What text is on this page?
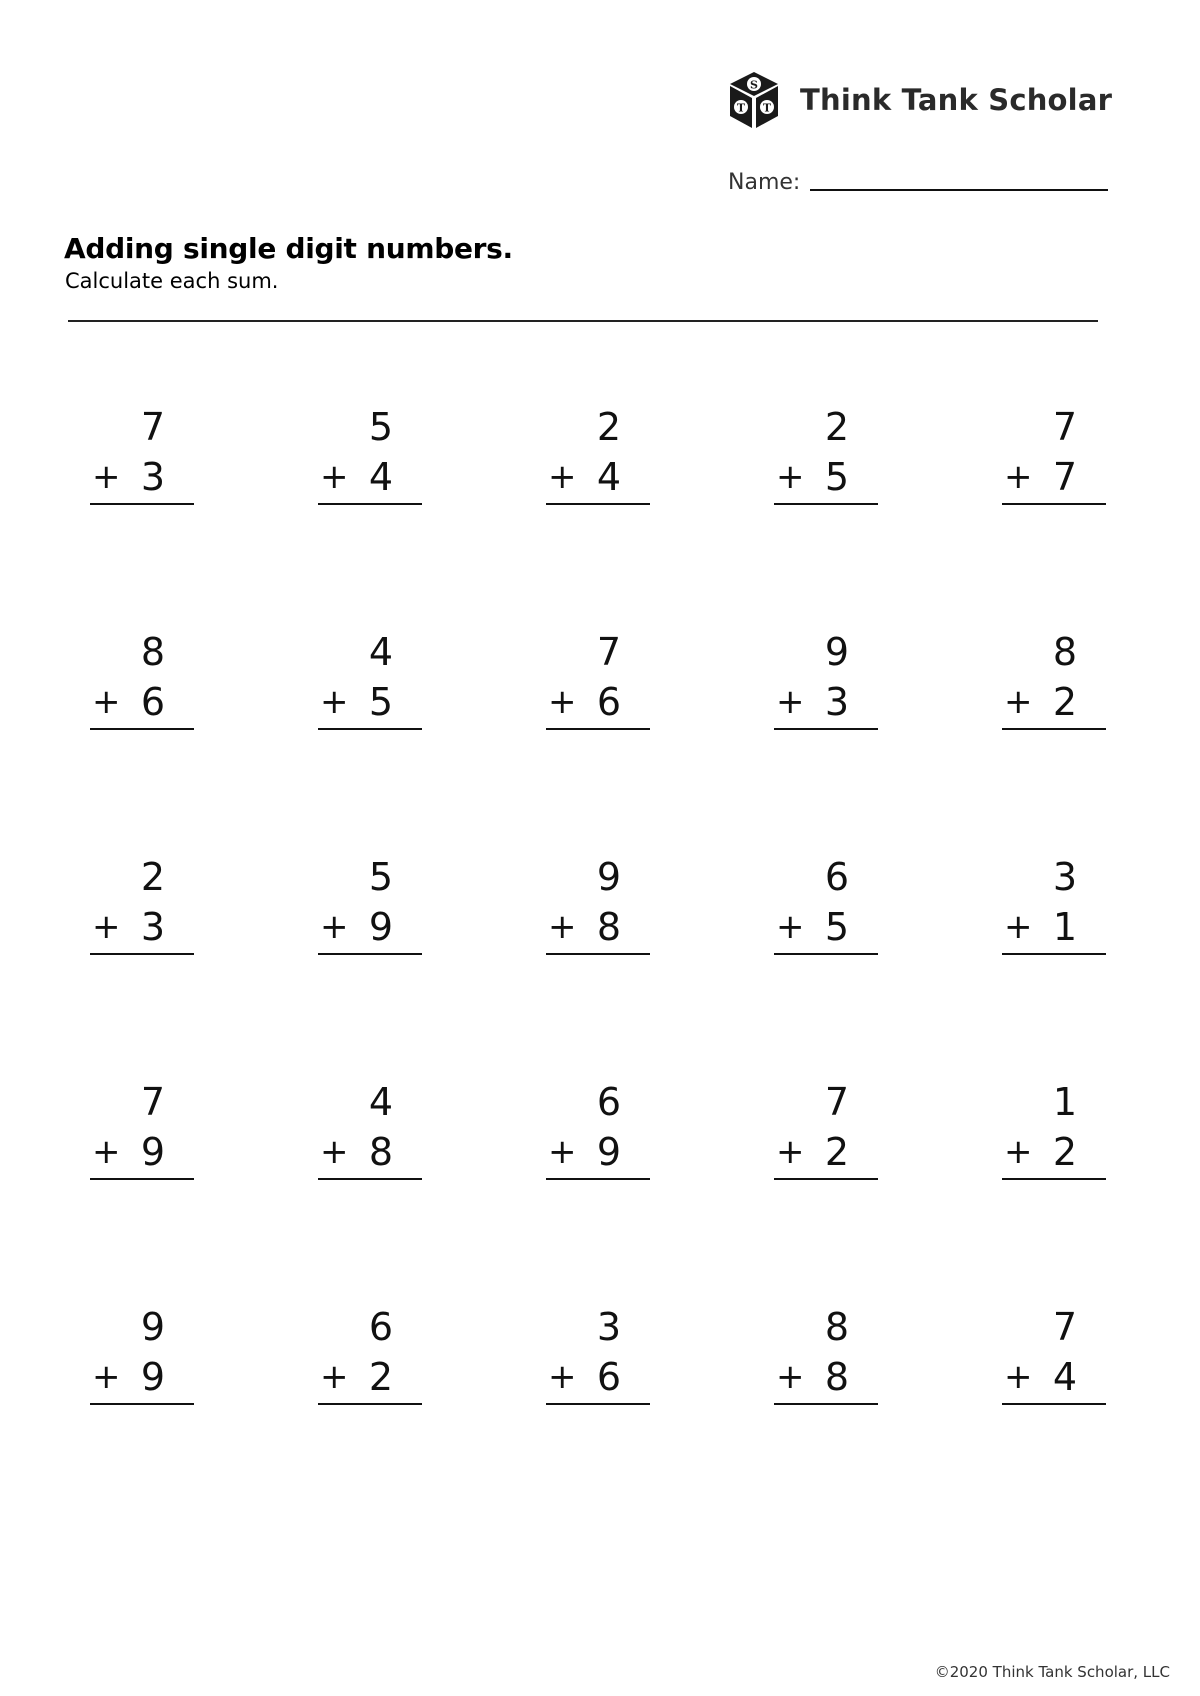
S
T T Think Tank Scholar
Name:
Adding single digit numbers.
Calculate each sum.
7
+ 3
5
+ 4
2
+ 4
2
+ 5
7
+ 7
8
+ 6
4
+ 5
7
+ 6
9
+ 3
8
+ 2
2
+ 3
5
+ 9
9
+ 8
6
+ 5
3
+ 1
7
+ 9
4
+ 8
6
+ 9
7
+ 2
1
+ 2
9
+ 9
6
+ 2
3
+ 6
8
+ 8
7
+ 4
©2020 Think Tank Scholar, LLC
